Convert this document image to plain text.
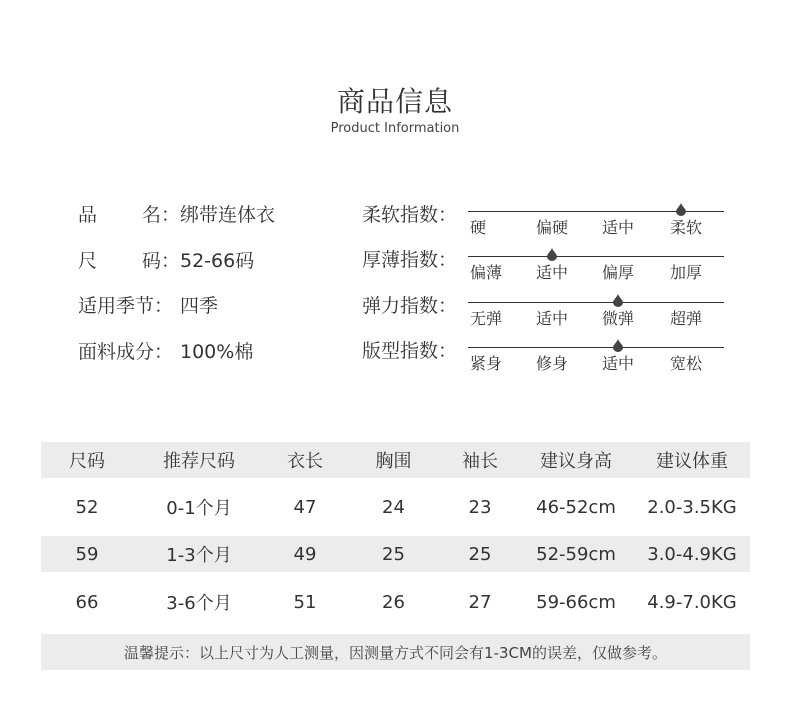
商品信息
Product Information
品 名： 绑带连体衣
尺 码： 52-66码
适用季节： 四季
面料成分： 100%棉
柔软指数：
硬	偏硬 适中 柔软
厚薄指数：
偏薄 适中 偏厚 加厚
弹力指数：
无弹 适中 微弹 超弹
版型指数：
紧身 修身 适中 宽松
尺码	推荐尺码	衣长	胸围	袖长	建议身高	建议体重
52	0-1个月	47	24	23	46-52cm	2.0-3.5KG
59	1-3个月	49	25	25	52-59cm	3.0-4.9KG
66	3-6个月	51	26	27	59-66cm	4.9-7.0KG
温馨提示：以上尺寸为人工测量，因测量方式不同会有1-3CM的误差，仅做参考。
